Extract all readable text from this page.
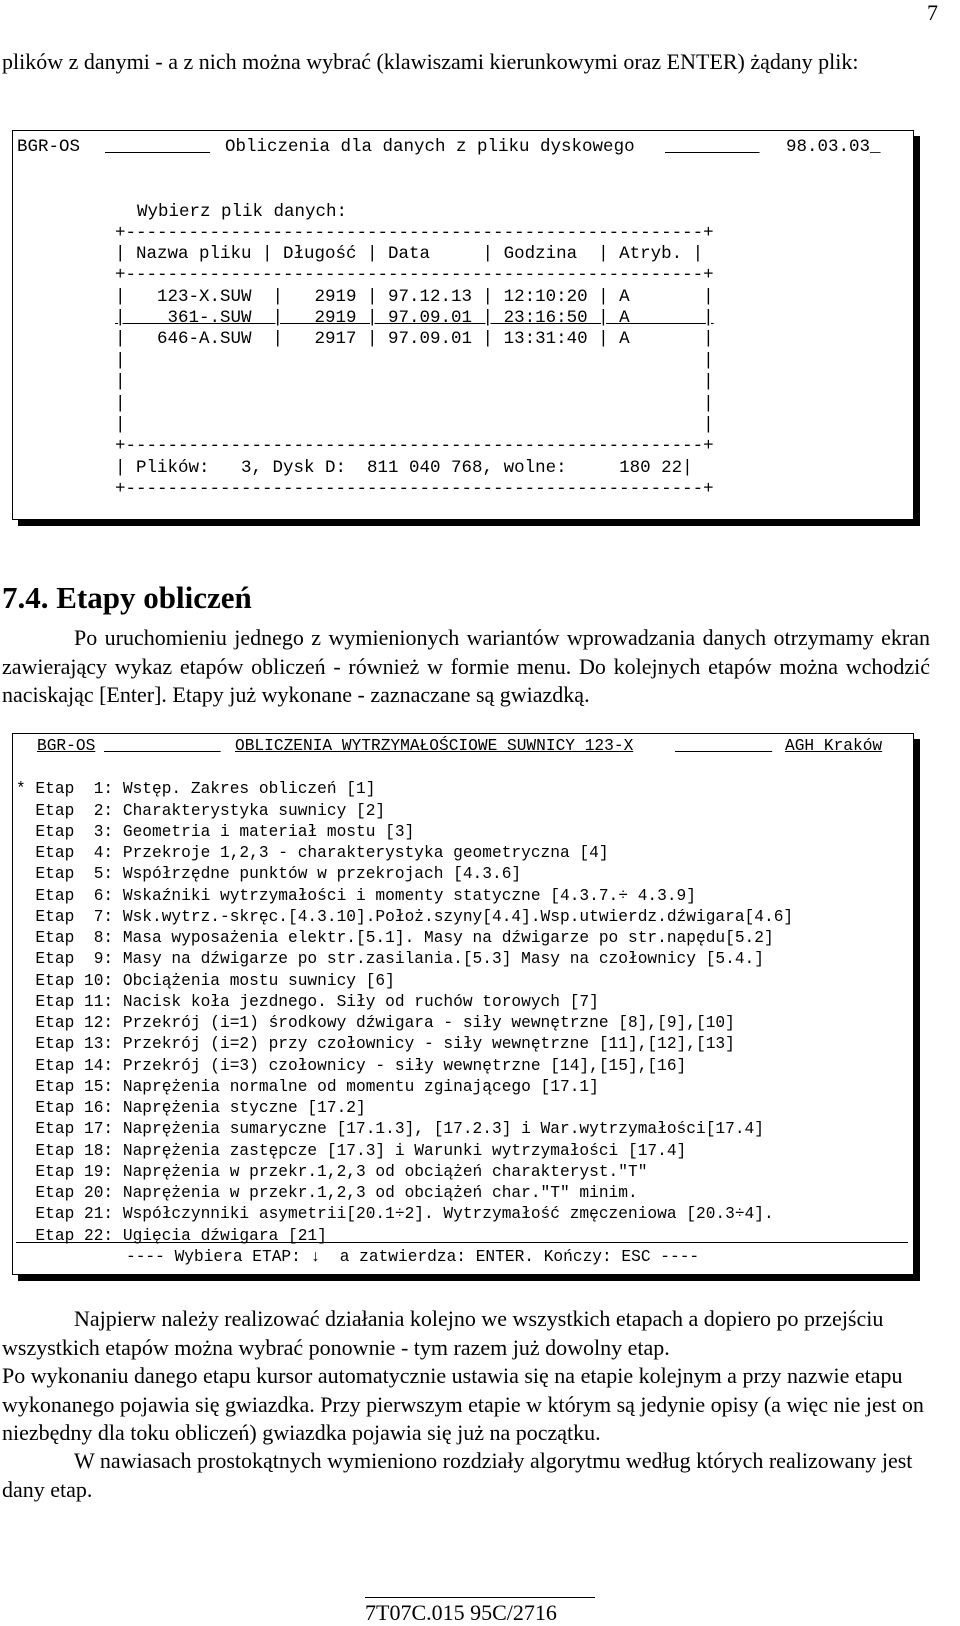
7
plików z danymi - a z nich można wybrać (klawiszami kierunkowymi oraz ENTER) żądany plik:
BGR-OS
	Obliczenia dla danych z pliku dyskowego
	98.03.03_
Wybierz plik danych:
+-------------------------------------------------------+
| Nazwa pliku | Długość | Data     | Godzina  | Atryb. |
+-------------------------------------------------------+
|   123-X.SUW  |   2919 | 97.12.13 | 12:10:20 | A       |
|    361-.SUW  |   2919 | 97.09.01 | 23:16:50 | A       |
|   646-A.SUW  |   2917 | 97.09.01 | 13:31:40 | A       |
|                                                       |
|                                                       |
|                                                       |
|                                                       |
+-------------------------------------------------------+
| Plików:   3, Dysk D:  811 040 768, wolne:     180 22|
+-------------------------------------------------------+
7.4. Etapy obliczeń
Po uruchomieniu jednego z wymienionych wariantów wprowadzania danych otrzymamy ekran zawierający wykaz etapów obliczeń - również w formie menu. Do kolejnych etapów można wchodzić naciskając [Enter]. Etapy już wykonane - zaznaczane są gwiazdką.
BGR-OS
	OBLICZENIA WYTRZYMAŁOŚCIOWE SUWNICY 123-X
	AGH Kraków

* Etap  1: Wstęp. Zakres obliczeń [1]
Etap  2: Charakterystyka suwnicy [2]
Etap  3: Geometria i materiał mostu [3]
Etap  4: Przekroje 1,2,3 - charakterystyka geometryczna [4]
Etap  5: Współrzędne punktów w przekrojach [4.3.6]
Etap  6: Wskaźniki wytrzymałości i momenty statyczne [4.3.7.÷ 4.3.9]
Etap  7: Wsk.wytrz.-skręc.[4.3.10].Położ.szyny[4.4].Wsp.utwierdz.dźwigara[4.6]
Etap  8: Masa wyposażenia elektr.[5.1]. Masy na dźwigarze po str.napędu[5.2]
Etap  9: Masy na dźwigarze po str.zasilania.[5.3] Masy na czołownicy [5.4.]
Etap 10: Obciążenia mostu suwnicy [6]
Etap 11: Nacisk koła jezdnego. Siły od ruchów torowych [7]
Etap 12: Przekrój (i=1) środkowy dźwigara - siły wewnętrzne [8],[9],[10]
Etap 13: Przekrój (i=2) przy czołownicy - siły wewnętrzne [11],[12],[13]
Etap 14: Przekrój (i=3) czołownicy - siły wewnętrzne [14],[15],[16]
Etap 15: Naprężenia normalne od momentu zginającego [17.1]
Etap 16: Naprężenia styczne [17.2]
Etap 17: Naprężenia sumaryczne [17.1.3], [17.2.3] i War.wytrzymałości[17.4]
Etap 18: Naprężenia zastępcze [17.3] i Warunki wytrzymałości [17.4]
Etap 19: Naprężenia w przekr.1,2,3 od obciążeń charakteryst."T"
Etap 20: Naprężenia w przekr.1,2,3 od obciążeń char."T" minim.
Etap 21: Współczynniki asymetrii[20.1÷2]. Wytrzymałość zmęczeniowa [20.3÷4].
Etap 22: Ugięcia dźwigara [21]
---- Wybiera ETAP: ↓  a zatwierdza: ENTER. Kończy: ESC ----
Najpierw należy realizować działania kolejno we wszystkich etapach a dopiero po przejściu wszystkich etapów można wybrać ponownie - tym razem już dowolny etap.
Po wykonaniu danego etapu kursor automatycznie ustawia się na etapie kolejnym a przy nazwie etapu wykonanego pojawia się gwiazdka. Przy pierwszym etapie w którym są jedynie opisy (a więc nie jest on niezbędny dla toku obliczeń) gwiazdka pojawia się już na początku.
W nawiasach prostokątnych wymieniono rozdziały algorytmu według których realizowany jest dany etap.
7T07C.015 95C/2716
